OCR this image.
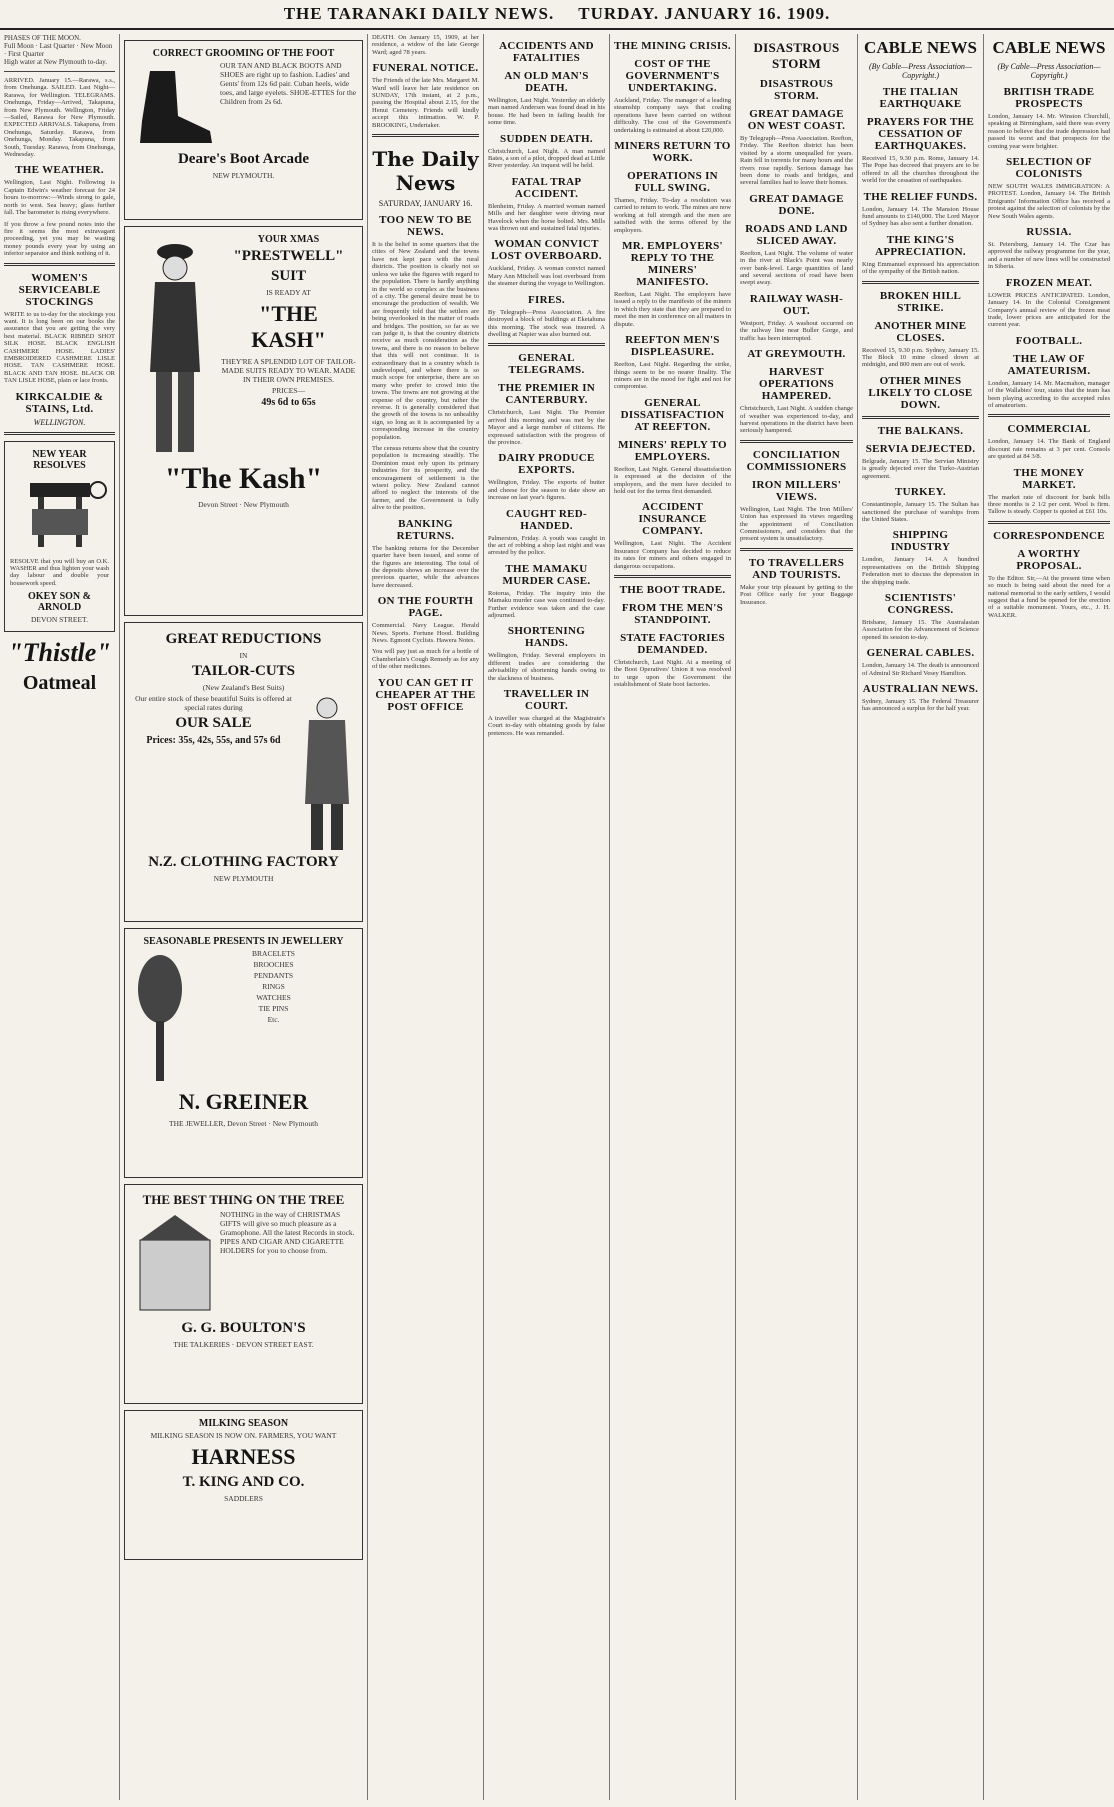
THE TARANAKI DAILY NEWS. TURDAY. JANUARY 16. 1909.
PHASES OF THE MOON.
Full Moon · Last Quarter · New Moon · First Quarter
High water at New Plymouth to-day.
ARRIVED. January 15.—Rarawa, s.s., from Onehunga. SAILED. Last Night—Rarawa, for Wellington. TELEGRAMS. Onehunga, Friday—Arrived, Takapuna, from New Plymouth. Wellington, Friday—Sailed, Rarawa for New Plymouth. EXPECTED ARRIVALS. Takapuna, from Onehunga, Saturday. Rarawa, from Onehunga, Monday. Takapuna, from South, Tuesday. Rarawa, from Onehunga, Wednesday.
THE WEATHER.
Wellington, Last Night. Following is Captain Edwin's weather forecast for 24 hours to-morrow:—Winds strong to gale, north to west. Sea heavy; glass further fall. The barometer is rising everywhere.
If you throw a few pound notes into the fire it seems the most extravagant proceeding, yet you may be wasting money pounds every year by using an inferior separator and think nothing of it.
WOMEN'S SERVICEABLE STOCKINGS
WRITE to us to-day for the stockings you want. It is long been on our books the assurance that you are getting the very best material. BLACK RIBBED SHOT SILK HOSE. BLACK ENGLISH CASHMERE HOSE. LADIES' EMBROIDERED CASHMERE LISLE HOSE. TAN CASHMERE HOSE. BLACK AND TAN HOSE. BLACK OR TAN LISLE HOSE, plain or lace fronts.
KIRKCALDIE & STAINS, Ltd.
WELLINGTON.
NEW YEAR RESOLVES
RESOLVE that you will buy an O.K. WASHER and thus lighten your wash day labour and double your housework speed.
OKEY SON & ARNOLD
DEVON STREET.
"Thistle"
Oatmeal
CORRECT GROOMING OF THE FOOT
OUR TAN AND BLACK BOOTS AND SHOES are right up to fashion. Ladies' and Gents' from 12s 6d pair. Cuban heels, wide toes, and large eyelets. SHOE-ETTES for the Children from 2s 6d.
Deare's Boot Arcade
NEW PLYMOUTH.
YOUR XMAS
"PRESTWELL"
SUIT
IS READY AT
"THE KASH"
THEY'RE A SPLENDID LOT OF TAILOR-MADE SUITS READY TO WEAR. MADE IN THEIR OWN PREMISES.
PRICES—
49s 6d to 65s
"The Kash"
Devon Street · New Plymouth
GREAT REDUCTIONS
IN
TAILOR-CUTS
(New Zealand's Best Suits)
Our entire stock of these beautiful Suits is offered at special rates during
OUR SALE
Prices: 35s, 42s, 55s, and 57s 6d
N.Z. CLOTHING FACTORY
NEW PLYMOUTH
SEASONABLE PRESENTS IN JEWELLERY
BRACELETS
BROOCHES
PENDANTS
RINGS
WATCHES
TIE PINS
Etc.
N. GREINER
THE JEWELLER, Devon Street · New Plymouth
THE BEST THING ON THE TREE
NOTHING in the way of CHRISTMAS GIFTS will give so much pleasure as a Gramophone. All the latest Records in stock. PIPES AND CIGAR AND CIGARETTE HOLDERS for you to choose from.
G. G. BOULTON'S
THE TALKERIES · DEVON STREET EAST.
MILKING SEASON
MILKING SEASON IS NOW ON. FARMERS, YOU WANT
HARNESS
T. KING AND CO.
SADDLERS
DEATH. On January 15, 1909, at her residence, a widow of the late George Ward; aged 78 years.
FUNERAL NOTICE.
The Friends of the late Mrs. Margaret M. Ward will leave her late residence on SUNDAY, 17th instant, at 2 p.m., passing the Hospital about 2.15, for the Henui Cemetery. Friends will kindly accept this intimation. W. P. BROOKING, Undertaker.
The Daily News
SATURDAY, JANUARY 16.
TOO NEW TO BE NEWS.
It is the belief in some quarters that the cities of New Zealand and the towns have not kept pace with the rural districts. The position is clearly not so unless we take the figures with regard to the population. There is hardly anything in the world so complex as the business of a city. The general desire must be to encourage the production of wealth. We are frequently told that the settlers are being overlooked in the matter of roads and bridges. The position, so far as we can judge it, is that the country districts receive as much consideration as the towns, and there is no reason to believe that this will not continue. It is extraordinary that in a country which is undeveloped, and where there is so much scope for enterprise, there are so many who prefer to crowd into the towns. The towns are not growing at the expense of the country, but rather the reverse. It is generally considered that the growth of the towns is no unhealthy sign, so long as it is accompanied by a corresponding increase in the country population.
The census returns show that the country population is increasing steadily. The Dominion must rely upon its primary industries for its prosperity, and the encouragement of settlement is the wisest policy. New Zealand cannot afford to neglect the interests of the farmer, and the Government is fully alive to the position.
BANKING RETURNS.
The banking returns for the December quarter have been issued, and some of the figures are interesting. The total of the deposits shows an increase over the previous quarter, while the advances have decreased.
ON THE FOURTH PAGE.
Commercial. Navy League. Herald News. Sports. Fortune Hood. Building News. Egmont Cyclists. Hawera Notes.
You will pay just as much for a bottle of Chamberlain's Cough Remedy as for any of the other medicines.
YOU CAN GET IT CHEAPER AT THE POST OFFICE
ACCIDENTS AND FATALITIES
AN OLD MAN'S DEATH.
Wellington, Last Night. Yesterday an elderly man named Andersen was found dead in his house. He had been in failing health for some time.
SUDDEN DEATH.
Christchurch, Last Night. A man named Bates, a son of a pilot, dropped dead at Little River yesterday. An inquest will be held.
FATAL TRAP ACCIDENT.
Blenheim, Friday. A married woman named Mills and her daughter were driving near Havelock when the horse bolted. Mrs. Mills was thrown out and sustained fatal injuries.
WOMAN CONVICT LOST OVERBOARD.
Auckland, Friday. A woman convict named Mary Ann Mitchell was lost overboard from the steamer during the voyage to Wellington.
FIRES.
By Telegraph—Press Association. A fire destroyed a block of buildings at Eketahuna this morning. The stock was insured. A dwelling at Napier was also burned out.
GENERAL TELEGRAMS.
THE PREMIER IN CANTERBURY.
Christchurch, Last Night. The Premier arrived this morning and was met by the Mayor and a large number of citizens. He expressed satisfaction with the progress of the province.
DAIRY PRODUCE EXPORTS.
Wellington, Friday. The exports of butter and cheese for the season to date show an increase on last year's figures.
CAUGHT RED-HANDED.
Palmerston, Friday. A youth was caught in the act of robbing a shop last night and was arrested by the police.
THE MAMAKU MURDER CASE.
Rotorua, Friday. The inquiry into the Mamaku murder case was continued to-day. Further evidence was taken and the case adjourned.
SHORTENING HANDS.
Wellington, Friday. Several employers in different trades are considering the advisability of shortening hands owing to the slackness of business.
TRAVELLER IN COURT.
A traveller was charged at the Magistrate's Court to-day with obtaining goods by false pretences. He was remanded.
THE MINING CRISIS.
COST OF THE GOVERNMENT'S UNDERTAKING.
Auckland, Friday. The manager of a leading steamship company says that coaling operations have been carried on without difficulty. The cost of the Government's undertaking is estimated at about £20,000.
MINERS RETURN TO WORK.
OPERATIONS IN FULL SWING.
Thames, Friday. To-day a resolution was carried to return to work. The mines are now working at full strength and the men are satisfied with the terms offered by the employers.
MR. EMPLOYERS' REPLY TO THE MINERS' MANIFESTO.
Reefton, Last Night. The employers have issued a reply to the manifesto of the miners in which they state that they are prepared to meet the men in conference on all matters in dispute.
REEFTON MEN'S DISPLEASURE.
Reefton, Last Night. Regarding the strike, things seem to be no nearer finality. The miners are in the mood for fight and not for compromise.
GENERAL DISSATISFACTION AT REEFTON.
MINERS' REPLY TO EMPLOYERS.
Reefton, Last Night. General dissatisfaction is expressed at the decision of the employers, and the men have decided to hold out for the terms first demanded.
ACCIDENT INSURANCE COMPANY.
Wellington, Last Night. The Accident Insurance Company has decided to reduce its rates for miners and others engaged in dangerous occupations.
THE BOOT TRADE.
FROM THE MEN'S STANDPOINT.
STATE FACTORIES DEMANDED.
Christchurch, Last Night. At a meeting of the Boot Operatives' Union it was resolved to urge upon the Government the establishment of State boot factories.
DISASTROUS STORM
DISASTROUS STORM.
GREAT DAMAGE ON WEST COAST.
By Telegraph—Press Association. Reefton, Friday. The Reefton district has been visited by a storm unequalled for years. Rain fell in torrents for many hours and the rivers rose rapidly. Serious damage has been done to roads and bridges, and several families had to leave their homes.
GREAT DAMAGE DONE.
ROADS AND LAND SLICED AWAY.
Reefton, Last Night. The volume of water in the river at Black's Point was nearly over bank-level. Large quantities of land and several sections of road have been swept away.
RAILWAY WASH-OUT.
Westport, Friday. A washout occurred on the railway line near Buller Gorge, and traffic has been interrupted.
AT GREYMOUTH.
HARVEST OPERATIONS HAMPERED.
Christchurch, Last Night. A sudden change of weather was experienced to-day, and harvest operations in the district have been seriously hampered.
CONCILIATION COMMISSIONERS
IRON MILLERS' VIEWS.
Wellington, Last Night. The Iron Millers' Union has expressed its views regarding the appointment of Conciliation Commissioners, and considers that the present system is unsatisfactory.
TO TRAVELLERS AND TOURISTS.
Make your trip pleasant by getting to the Post Office early for your Baggage Insurance.
CABLE NEWS
(By Cable—Press Association—Copyright.)
THE ITALIAN EARTHQUAKE
PRAYERS FOR THE CESSATION OF EARTHQUAKES.
Received 15, 9.30 p.m. Rome, January 14. The Pope has decreed that prayers are to be offered in all the churches throughout the world for the cessation of earthquakes.
THE RELIEF FUNDS.
London, January 14. The Mansion House fund amounts to £140,000. The Lord Mayor of Sydney has also sent a further donation.
THE KING'S APPRECIATION.
King Emmanuel expressed his appreciation of the sympathy of the British nation.
BROKEN HILL STRIKE.
ANOTHER MINE CLOSES.
Received 15, 9.30 p.m. Sydney, January 15. The Block 10 mine closed down at midnight, and 800 men are out of work.
OTHER MINES LIKELY TO CLOSE DOWN.
THE BALKANS.
SERVIA DEJECTED.
Belgrade, January 15. The Servian Ministry is greatly dejected over the Turko-Austrian agreement.
TURKEY.
Constantinople, January 15. The Sultan has sanctioned the purchase of warships from the United States.
SHIPPING INDUSTRY
London, January 14. A hundred representatives on the British Shipping Federation met to discuss the depression in the shipping trade.
SCIENTISTS' CONGRESS.
Brisbane, January 15. The Australasian Association for the Advancement of Science opened its session to-day.
GENERAL CABLES.
London, January 14. The death is announced of Admiral Sir Richard Vesey Hamilton.
AUSTRALIAN NEWS.
Sydney, January 15. The Federal Treasurer has announced a surplus for the half year.
CABLE NEWS
(By Cable—Press Association—Copyright.)
BRITISH TRADE PROSPECTS
London, January 14. Mr. Winston Churchill, speaking at Birmingham, said there was every reason to believe that the trade depression had passed its worst and that prospects for the coming year were brighter.
SELECTION OF COLONISTS
NEW SOUTH WALES IMMIGRATION: A PROTEST. London, January 14. The British Emigrants' Information Office has received a protest against the selection of colonists by the New South Wales agents.
RUSSIA.
St. Petersburg, January 14. The Czar has approved the railway programme for the year, and a number of new lines will be constructed in Siberia.
FROZEN MEAT.
LOWER PRICES ANTICIPATED. London, January 14. In the Colonial Consignment Company's annual review of the frozen meat trade, lower prices are anticipated for the current year.
FOOTBALL.
THE LAW OF AMATEURISM.
London, January 14. Mr. Macmahon, manager of the Wallabies' tour, states that the team has been playing according to the accepted rules of amateurism.
COMMERCIAL
London, January 14. The Bank of England discount rate remains at 3 per cent. Consols are quoted at 84 3/8.
THE MONEY MARKET.
The market rate of discount for bank bills three months is 2 1/2 per cent. Wool is firm. Tallow is steady. Copper is quoted at £61 10s.
CORRESPONDENCE
A WORTHY PROPOSAL.
To the Editor. Sir,—At the present time when so much is being said about the need for a national memorial to the early settlers, I would suggest that a fund be opened for the erection of a suitable monument. Yours, etc., J. H. WALKER.
